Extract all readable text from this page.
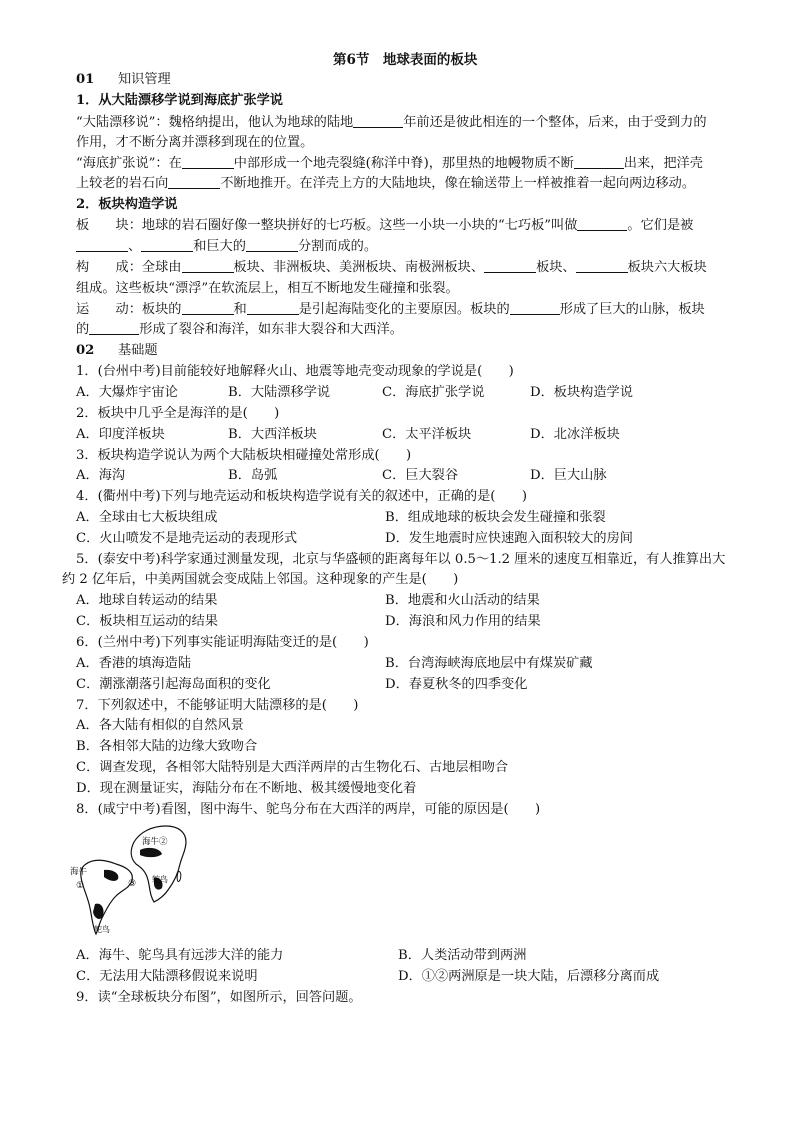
第6节　地球表面的板块
01 知识管理
1．从大陆漂移学说到海底扩张学说
“大陆漂移说”：魏格纳提出，他认为地球的陆地	年前还是彼此相连的一个整体，后来，由于受到力的
作用，才不断分离并漂移到现在的位置。
“海底扩张说”：在	中部形成一个地壳裂缝(称洋中脊)，那里热的地幔物质不断	出来，把洋壳
上较老的岩石向	不断地推开。在洋壳上方的大陆地块，像在输送带上一样被推着一起向两边移动。
2．板块构造学说
板　　块：地球的岩石圈好像一整块拼好的七巧板。这些一小块一小块的“七巧板”叫做	。它们是被
、	和巨大的	分割而成的。
构　　成：全球由	板块、非洲板块、美洲板块、南极洲板块、	板块、	板块六大板块
组成。这些板块“漂浮”在软流层上，相互不断地发生碰撞和张裂。
运　　动：板块的	和	是引起海陆变化的主要原因。板块的	形成了巨大的山脉，板块
的	形成了裂谷和海洋，如东非大裂谷和大西洋。
02 基础题
1．(台州中考)目前能较好地解释火山、地震等地壳变动现象的学说是(　　)
A．大爆炸宇宙论	B．大陆漂移学说	C．海底扩张学说	D．板块构造学说
2．板块中几乎全是海洋的是(　　)
A．印度洋板块	B．大西洋板块	C．太平洋板块	D．北冰洋板块
3．板块构造学说认为两个大陆板块相碰撞处常形成(　　)
A．海沟	B．岛弧	C．巨大裂谷	D．巨大山脉
4．(衢州中考)下列与地壳运动和板块构造学说有关的叙述中，正确的是(　　)
A．全球由七大板块组成	B．组成地球的板块会发生碰撞和张裂
C．火山喷发不是地壳运动的表现形式	D．发生地震时应快速跑入面积较大的房间
5．(泰安中考)科学家通过测量发现，北京与华盛顿的距离每年以 0.5～1.2 厘米的速度互相靠近，有人推算出大
约 2 亿年后，中美两国就会变成陆上邻国。这种现象的产生是(　　)
A．地球自转运动的结果	B．地震和火山活动的结果
C．板块相互运动的结果	D．海浪和风力作用的结果
6．(兰州中考)下列事实能证明海陆变迁的是(　　)
A．香港的填海造陆	B．台湾海峡海底地层中有煤炭矿藏
C．潮涨潮落引起海岛面积的变化	D．春夏秋冬的四季变化
7．下列叙述中，不能够证明大陆漂移的是(　　)
A．各大陆有相似的自然风景
B．各相邻大陆的边缘大致吻合
C．调查发现，各相邻大陆特别是大西洋两岸的古生物化石、古地层相吻合
D．现在测量证实，海陆分布在不断地、极其缓慢地变化着
8．(咸宁中考)看图，图中海牛、鸵鸟分布在大西洋的两岸，可能的原因是(　　)
海牛
①
海牛②
③ 鸵鸟
鸵鸟
A．海牛、鸵鸟具有远涉大洋的能力	B．人类活动带到两洲
C．无法用大陆漂移假说来说明	D．①②两洲原是一块大陆，后漂移分离而成
9．读“全球板块分布图”，如图所示，回答问题。
